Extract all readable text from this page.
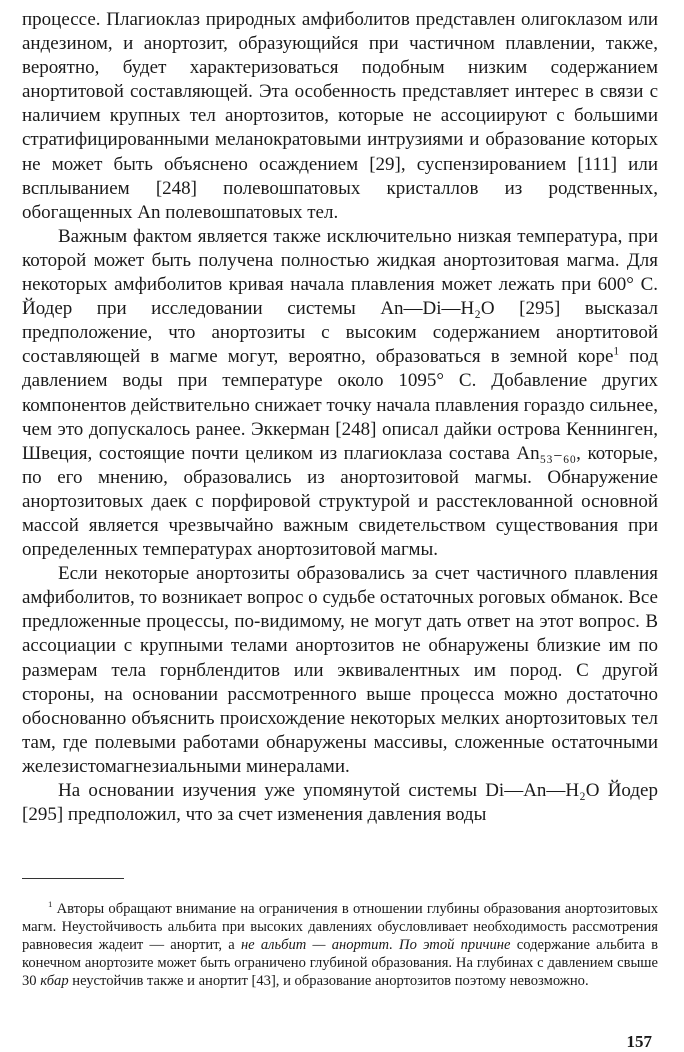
процессе. Плагиоклаз природных амфиболитов представлен олигоклазом или андезином, и анортозит, образующийся при частичном плавлении, также, вероятно, будет характеризоваться подобным низким содержанием анортитовой составляющей. Эта особенность представляет интерес в связи с наличием крупных тел анортозитов, которые не ассоциируют с большими стратифицированными меланократовыми интрузиями и образование которых не может быть объяснено осаждением [29], суспензированием [111] или всплыванием [248] полевошпатовых кристаллов из родственных, обогащенных An полевошпатовых тел.

Важным фактом является также исключительно низкая температура, при которой может быть получена полностью жидкая анортозитовая магма. Для некоторых амфиболитов кривая начала плавления может лежать при 600° C. Йодер при исследовании системы An—Di—H₂O [295] высказал предположение, что анортозиты с высоким содержанием анортитовой составляющей в магме могут, вероятно, образоваться в земной коре$^1$ под давлением воды при температуре около 1095° C. Добавление других компонентов действительно снижает точку начала плавления гораздо сильнее, чем это допускалось ранее. Эккерман [248] описал дайки острова Кеннинген, Швеция, состоящие почти целиком из плагиоклаза состава An₅₃₋₆₀, которые, по его мнению, образовались из анортозитовой магмы. Обнаружение анортозитовых даек с порфировой структурой и расстеклованной основной массой является чрезвычайно важным свидетельством существования при определенных температурах анортозитовой магмы.

Если некоторые анортозиты образовались за счет частичного плавления амфиболитов, то возникает вопрос о судьбе остаточных роговых обманок. Все предложенные процессы, по-видимому, не могут дать ответ на этот вопрос. В ассоциации с крупными телами анортозитов не обнаружены близкие им по размерам тела горнблендитов или эквивалентных им пород. С другой стороны, на основании рассмотренного выше процесса можно достаточно обоснованно объяснить происхождение некоторых мелких анортозитовых тел там, где полевыми работами обнаружены массивы, сложенные остаточными железистомагнезиальными минералами.

На основании изучения уже упомянутой системы Di—An—H₂O Йодер [295] предположил, что за счет изменения давления воды

$^1$ Авторы обращают внимание на ограничения в отношении глубины образования анортозитовых магм. Неустойчивость альбита при высоких давлениях обусловливает необходимость рассмотрения равновесия жадеит — анортит, а не альбит — анортит. По этой причине содержание альбита в конечном анортозите может быть ограничено глубиной образования. На глубинах с давлением свыше 30 кбар неустойчив также и анортит [43], и образование анортозитов поэтому невозможно.

157
